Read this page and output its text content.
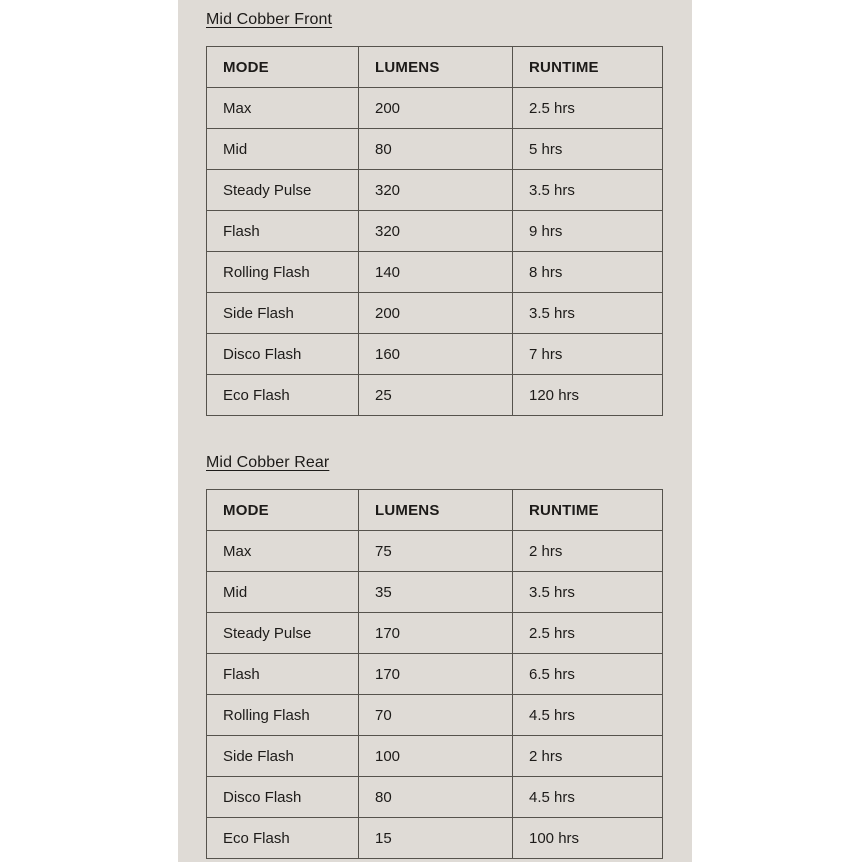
Mid Cobber Front
MODE	LUMENS	RUNTIME
Max	200	2.5 hrs
Mid	80	5 hrs
Steady Pulse	320	3.5 hrs
Flash	320	9 hrs
Rolling Flash	140	8 hrs
Side Flash	200	3.5 hrs
Disco Flash	160	7 hrs
Eco Flash	25	120 hrs
Mid Cobber Rear
MODE	LUMENS	RUNTIME
Max	75	2 hrs
Mid	35	3.5 hrs
Steady Pulse	170	2.5 hrs
Flash	170	6.5 hrs
Rolling Flash	70	4.5 hrs
Side Flash	100	2 hrs
Disco Flash	80	4.5 hrs
Eco Flash	15	100 hrs
